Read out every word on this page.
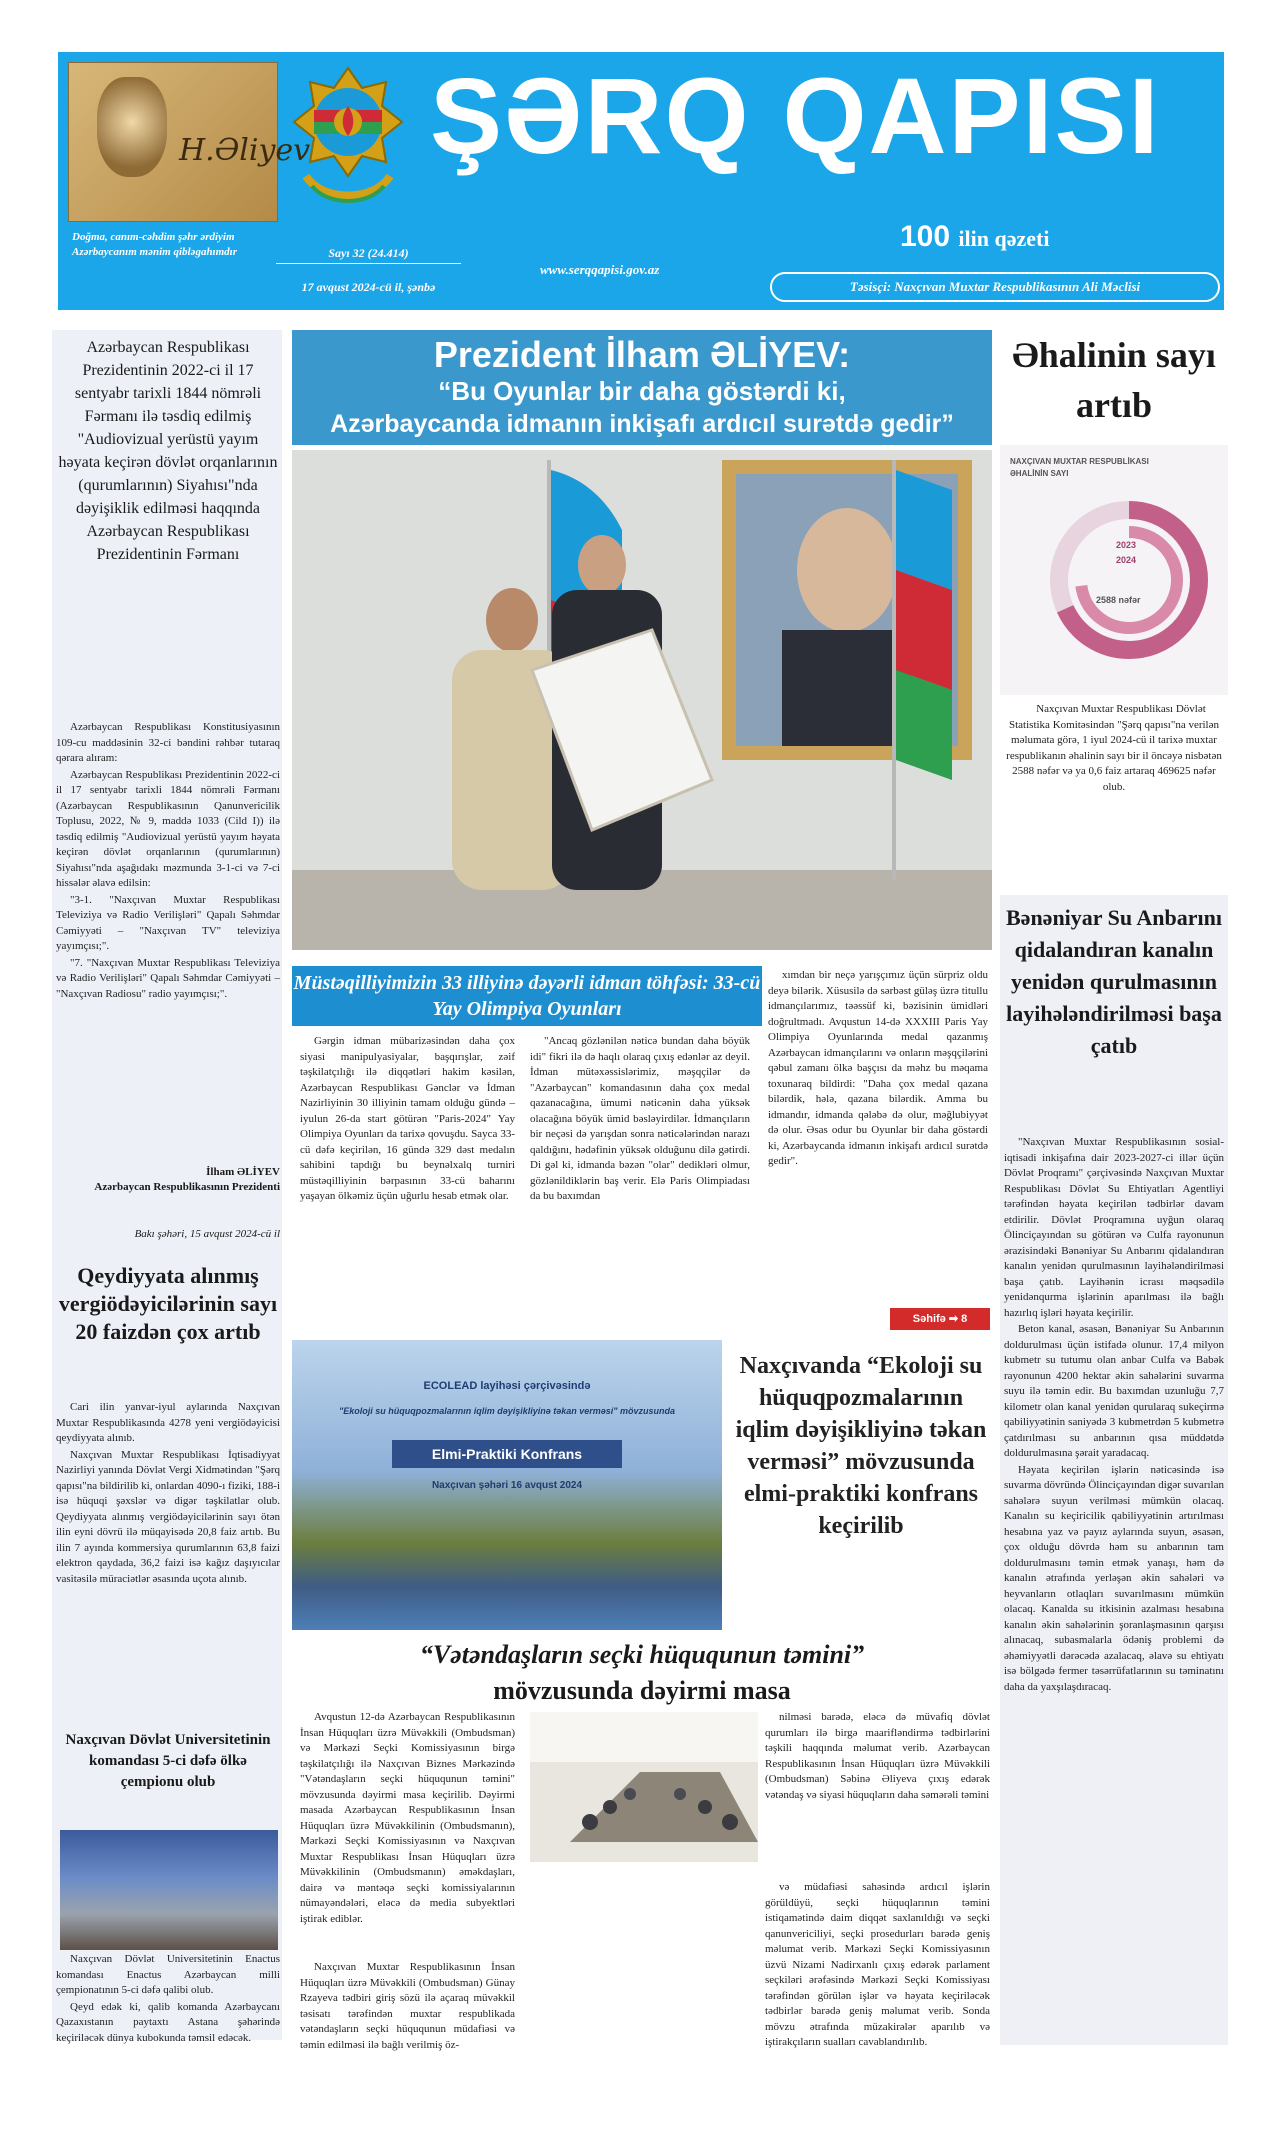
H.Əliyev
Doğma, canım-cəhdim şəhr ərdiyim Azərbaycanım mənim qibləgahımdır
ŞƏRQ QAPISI
Sayı 32 (24.414)
17 avqust 2024-cü il, şənbə
www.serqqapisi.gov.az
100 ilin qəzeti
Təsisçi: Naxçıvan Muxtar Respublikasının Ali Məclisi
Azərbaycan Respublikası Prezidentinin 2022-ci il 17 sentyabr tarixli 1844 nömrəli Fərmanı ilə təsdiq edilmiş "Audiovizual yerüstü yayım həyata keçirən dövlət orqanlarının (qurumlarının) Siyahısı"nda dəyişiklik edilməsi haqqında Azərbaycan Respublikası Prezidentinin Fərmanı

Azərbaycan Respublikası Konstitusiyasının 109-cu maddəsinin 32-ci bəndini rəhbər tutaraq qərara alıram:

Azərbaycan Respublikası Prezidentinin 2022-ci il 17 sentyabr tarixli 1844 nömrəli Fərmanı (Azərbaycan Respublikasının Qanunvericilik Toplusu, 2022, № 9, maddə 1033 (Cild I)) ilə təsdiq edilmiş "Audiovizual yerüstü yayım həyata keçirən dövlət orqanlarının (qurumlarının) Siyahısı"nda aşağıdakı məzmunda 3-1-ci və 7-ci hissələr əlavə edilsin:

"3-1. "Naxçıvan Muxtar Respublikası Televiziya və Radio Verilişləri" Qapalı Səhmdar Cəmiyyəti – "Naxçıvan TV" televiziya yayımçısı;".

"7. "Naxçıvan Muxtar Respublikası Televiziya və Radio Verilişləri" Qapalı Səhmdar Cəmiyyəti – "Naxçıvan Radiosu" radio yayımçısı;".

İlham ƏLİYEV
Azərbaycan Respublikasının Prezidenti
Bakı şəhəri, 15 avqust 2024-cü il
Qeydiyyata alınmış vergiödəyicilərinin sayı 20 faizdən çox artıb

Cari ilin yanvar-iyul aylarında Naxçıvan Muxtar Respublikasında 4278 yeni vergiödəyicisi qeydiyyata alınıb.

Naxçıvan Muxtar Respublikası İqtisadiyyat Nazirliyi yanında Dövlət Vergi Xidmətindən "Şərq qapısı"na bildirilib ki, onlardan 4090-ı fiziki, 188-i isə hüquqi şəxslər və digər təşkilatlar olub. Qeydiyyata alınmış vergiödəyicilərinin sayı ötən ilin eyni dövrü ilə müqayisədə 20,8 faiz artıb. Bu ilin 7 ayında kommersiya qurumlarının 63,8 faizi elektron qaydada, 36,2 faizi isə kağız daşıyıcılar vasitəsilə müraciətlər əsasında uçota alınıb.

Naxçıvan Dövlət Universitetinin komandası 5-ci dəfə ölkə çempionu olub

Naxçıvan Dövlət Universitetinin Enactus komandası Enactus Azərbaycan milli çempionatının 5-ci dəfə qalibi olub.

Qeyd edək ki, qalib komanda Azərbaycanı Qazaxıstanın paytaxtı Astana şəhərində keçiriləcək dünya kubokunda təmsil edəcək.

Prezident İlham ƏLİYEV:
“Bu Oyunlar bir daha göstərdi ki,
Azərbaycanda idmanın inkişafı ardıcıl surətdə gedir”
Müstəqilliyimizin 33 illiyinə dəyərli idman töhfəsi: 33-cü Yay Olimpiya Oyunları

Gərgin idman mübarizəsindən daha çox siyasi manipulyasiyalar, başqırışlar, zəif təşkilatçılığı ilə diqqətləri hakim kəsilən, Azərbaycan Respublikası Gənclər və İdman Nazirliyinin 30 illiyinin tamam olduğu gündə – iyulun 26-da start götürən "Paris-2024" Yay Olimpiya Oyunları da tarixə qovuşdu. Sayca 33-cü dəfə keçirilən, 16 gündə 329 dəst medalın sahibini tapdığı bu beynəlxalq turniri müstəqilliyinin bərpasının 33-cü baharını yaşayan ölkəmiz üçün uğurlu hesab etmək olar.

"Ancaq gözlənilən nəticə bundan daha böyük idi" fikri ilə də haqlı olaraq çıxış edənlər az deyil. İdman mütəxəssislərimiz, məşqçilər də "Azərbaycan" komandasının daha çox medal qazanacağına, ümumi nəticənin daha yüksək olacağına böyük ümid bəsləyirdilər. İdmançıların bir neçəsi də yarışdan sonra nəticələrindən narazı qaldığını, hədəfinin yüksək olduğunu dilə gətirdi. Di gəl ki, idmanda bəzən "olar" dedikləri olmur, gözlənildiklərin baş verir. Elə Paris Olimpiadası da bu baxımdan

xımdan bir neçə yarışçımız üçün sürpriz oldu deyə bilərik. Xüsusilə də sərbəst güləş üzrə titullu idmançılarımız, təəssüf ki, bəzisinin ümidləri doğrultmadı. Avqustun 14-də XXXIII Paris Yay Olimpiya Oyunlarında medal qazanmış Azərbaycan idmançılarını və onların məşqçilərini qəbul zamanı ölkə başçısı da məhz bu məqama toxunaraq bildirdi: "Daha çox medal qazana bilərdik, hələ, qazana bilərdik. Amma bu idmandır, idmanda qələbə də olur, məğlubiyyət də olur. Əsas odur bu Oyunlar bir daha göstərdi ki, Azərbaycanda idmanın inkişafı ardıcıl surətdə gedir".

Səhifə ➡ 8
ECOLEAD layihəsi çərçivəsində
"Ekoloji su hüquqpozmalarının iqlim dəyişikliyinə təkan verməsi" mövzusunda
Elmi-Praktiki Konfrans
Naxçıvan şəhəri 16 avqust 2024
Naxçıvanda “Ekoloji su hüquqpozmalarının iqlim dəyişikliyinə təkan verməsi” mövzusunda elmi-praktiki konfrans keçirilib
“Vətəndaşların seçki hüququnun təmini”
mövzusunda dəyirmi masa

Avqustun 12-də Azərbaycan Respublikasının İnsan Hüquqları üzrə Müvəkkili (Ombudsman) və Mərkəzi Seçki Komissiyasının birgə təşkilatçılığı ilə Naxçıvan Biznes Mərkəzində "Vətəndaşların seçki hüququnun təmini" mövzusunda dəyirmi masa keçirilib. Dəyirmi masada Azərbaycan Respublikasının İnsan Hüquqları üzrə Müvəkkilinin (Ombudsmanın), Mərkəzi Seçki Komissiyasının və Naxçıvan Muxtar Respublikası İnsan Hüquqları üzrə Müvəkkilinin (Ombudsmanın) əməkdaşları, dairə və məntəqə seçki komissiyalarının nümayəndələri, eləcə də media subyektləri iştirak ediblər.

nilməsi barədə, eləcə də müvafiq dövlət qurumları ilə birgə maarifləndirmə tədbirlərini təşkili haqqında məlumat verib. Azərbaycan Respublikasının İnsan Hüquqları üzrə Müvəkkili (Ombudsman) Səbinə Əliyeva çıxış edərək vətəndaş və siyasi hüquqların daha səmərəli təmini

və müdafiəsi sahəsində ardıcıl işlərin görüldüyü, seçki hüquqlarının təmini istiqamətində daim diqqət saxlanıldığı və seçki qanunvericiliyi, seçki prosedurları barədə geniş məlumat verib. Mərkəzi Seçki Komissiyasının üzvü Nizami Nadirxanlı çıxış edərək parlament seçkiləri ərəfəsində Mərkəzi Seçki Komissiyası tərəfindən görülən işlər və həyata keçiriləcək tədbirlər barədə geniş məlumat verib. Sonda mövzu ətrafında müzakirələr aparılıb və iştirakçıların sualları cavablandırılıb.

Naxçıvan Muxtar Respublikasının İnsan Hüquqları üzrə Müvəkkili (Ombudsman) Günay Rzayeva tədbiri giriş sözü ilə açaraq müvəkkil təsisatı tərəfindən muxtar respublikada vətəndaşların seçki hüququnun müdafiəsi və təmin edilməsi ilə bağlı verilmiş öz-

Əhalinin sayı artıb
NAXÇIVAN MUXTAR RESPUBLİKASI
ƏHALİNİN SAYI
2023
2024
2588 nəfər

Naxçıvan Muxtar Respublikası Dövlət Statistika Komitəsindən "Şərq qapısı"na verilən məlumata görə, 1 iyul 2024-cü il tarixə muxtar respublikanın əhalinin sayı bir il öncəyə nisbətən 2588 nəfər və ya 0,6 faiz artaraq 469625 nəfər olub.

Bənəniyar Su Anbarını qidalandıran kanalın yenidən qurulmasının layihələndirilməsi başa çatıb

"Naxçıvan Muxtar Respublikasının sosial-iqtisadi inkişafına dair 2023-2027-ci illər üçün Dövlət Proqramı" çərçivəsində Naxçıvan Muxtar Respublikası Dövlət Su Ehtiyatları Agentliyi tərəfindən həyata keçirilən tədbirlər davam etdirilir. Dövlət Proqramına uyğun olaraq Ölinciçayından su götürən və Culfa rayonunun ərazisindəki Bənəniyar Su Anbarını qidalandıran kanalın yenidən qurulmasının layihələndirilməsi başa çatıb. Layihənin icrası məqsədilə yenidənqurma işlərinin aparılması ilə bağlı hazırlıq işləri həyata keçirilir.

Beton kanal, əsasən, Bənəniyar Su Anbarının doldurulması üçün istifadə olunur. 17,4 milyon kubmetr su tutumu olan anbar Culfa və Babək rayonunun 4200 hektar əkin sahələrini suvarma suyu ilə təmin edir. Bu baxımdan uzunluğu 7,7 kilometr olan kanal yenidən qurularaq sukeçirmə qabiliyyətinin saniyədə 3 kubmetrdən 5 kubmetrə çatdırılması su anbarının qısa müddətdə doldurulmasına şərait yaradacaq.

Həyata keçirilən işlərin nəticəsində isə suvarma dövründə Ölinciçayından digər suvarılan sahələrə suyun verilməsi mümkün olacaq. Kanalın su keçiricilik qabiliyyətinin artırılması hesabına yaz və payız aylarında suyun, əsasən, çox olduğu dövrdə həm su anbarının tam doldurulmasını təmin etmək yanaşı, həm də kanalın ətrafında yerləşən əkin sahələri və heyvanların otlaqları suvarılmasını mümkün olacaq. Kanalda su itkisinin azalması hesabına kanalın əkin sahələrinin şoranlaşmasının qarşısı alınacaq, subasmalarla ödəniş problemi də əhəmiyyətli dərəcədə azalacaq, əlavə su ehtiyatı isə bölgədə fermer təsərrüfatlarının su təminatını daha da yaxşılaşdıracaq.
